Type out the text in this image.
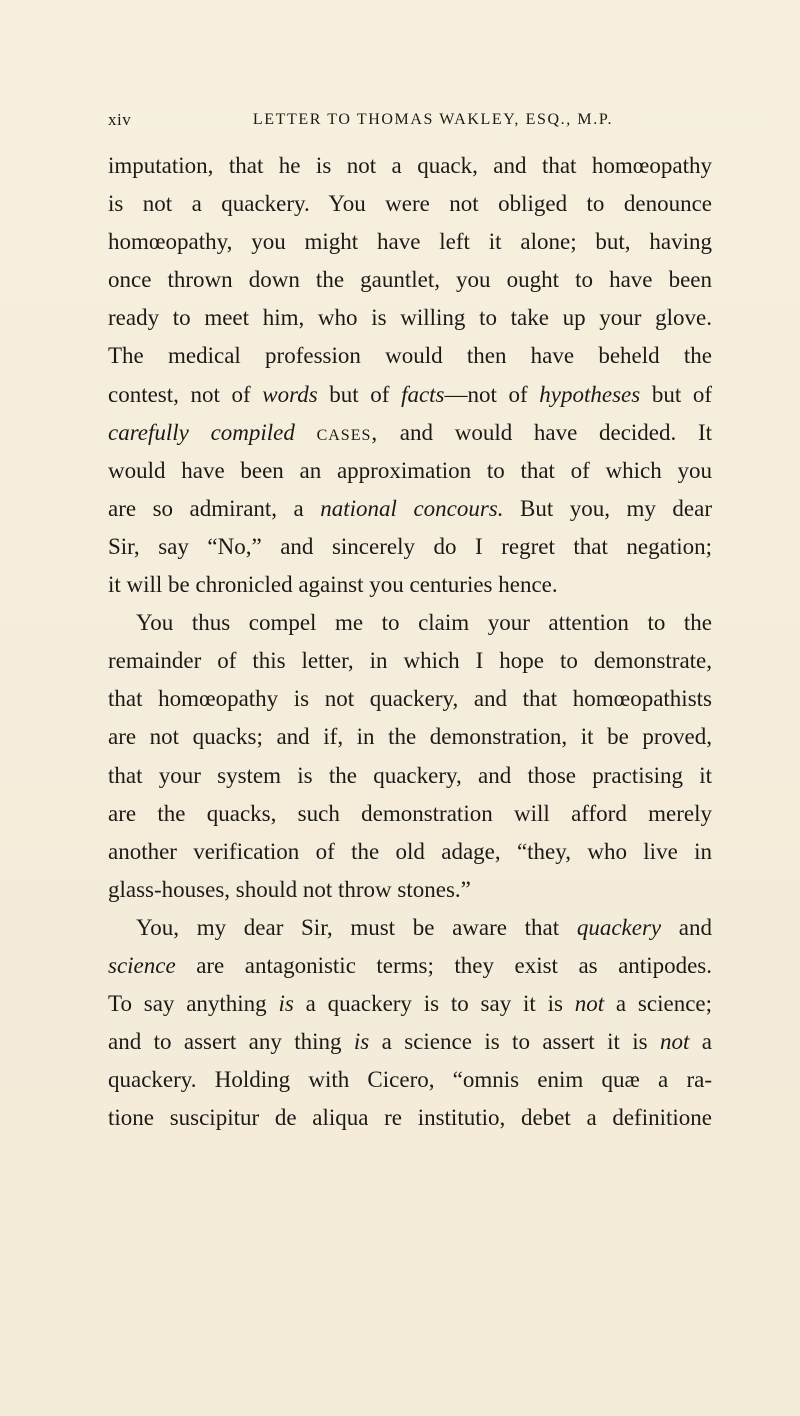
xiv	LETTER TO THOMAS WAKLEY, ESQ., M.P.

imputation, that he is not a quack, and that homœopathy
is not a quackery. You were not obliged to denounce
homœopathy, you might have left it alone; but, having
once thrown down the gauntlet, you ought to have been
ready to meet him, who is willing to take up your glove.
The medical profession would then have beheld the
contest, not of words but of facts—not of hypotheses but of
carefully compiled cases, and would have decided. It
would have been an approximation to that of which you
are so admirant, a national concours. But you, my dear
Sir, say “No,” and sincerely do I regret that negation;
it will be chronicled against you centuries hence.

You thus compel me to claim your attention to the
remainder of this letter, in which I hope to demonstrate,
that homœopathy is not quackery, and that homœopathists
are not quacks; and if, in the demonstration, it be proved,
that your system is the quackery, and those practising it
are the quacks, such demonstration will afford merely
another verification of the old adage, “they, who live in
glass-houses, should not throw stones.”

You, my dear Sir, must be aware that quackery and
science are antagonistic terms; they exist as antipodes.
To say anything is a quackery is to say it is not a science;
and to assert any thing is a science is to assert it is not a
quackery. Holding with Cicero, “omnis enim quæ a ra-
tione suscipitur de aliqua re institutio, debet a definitione
